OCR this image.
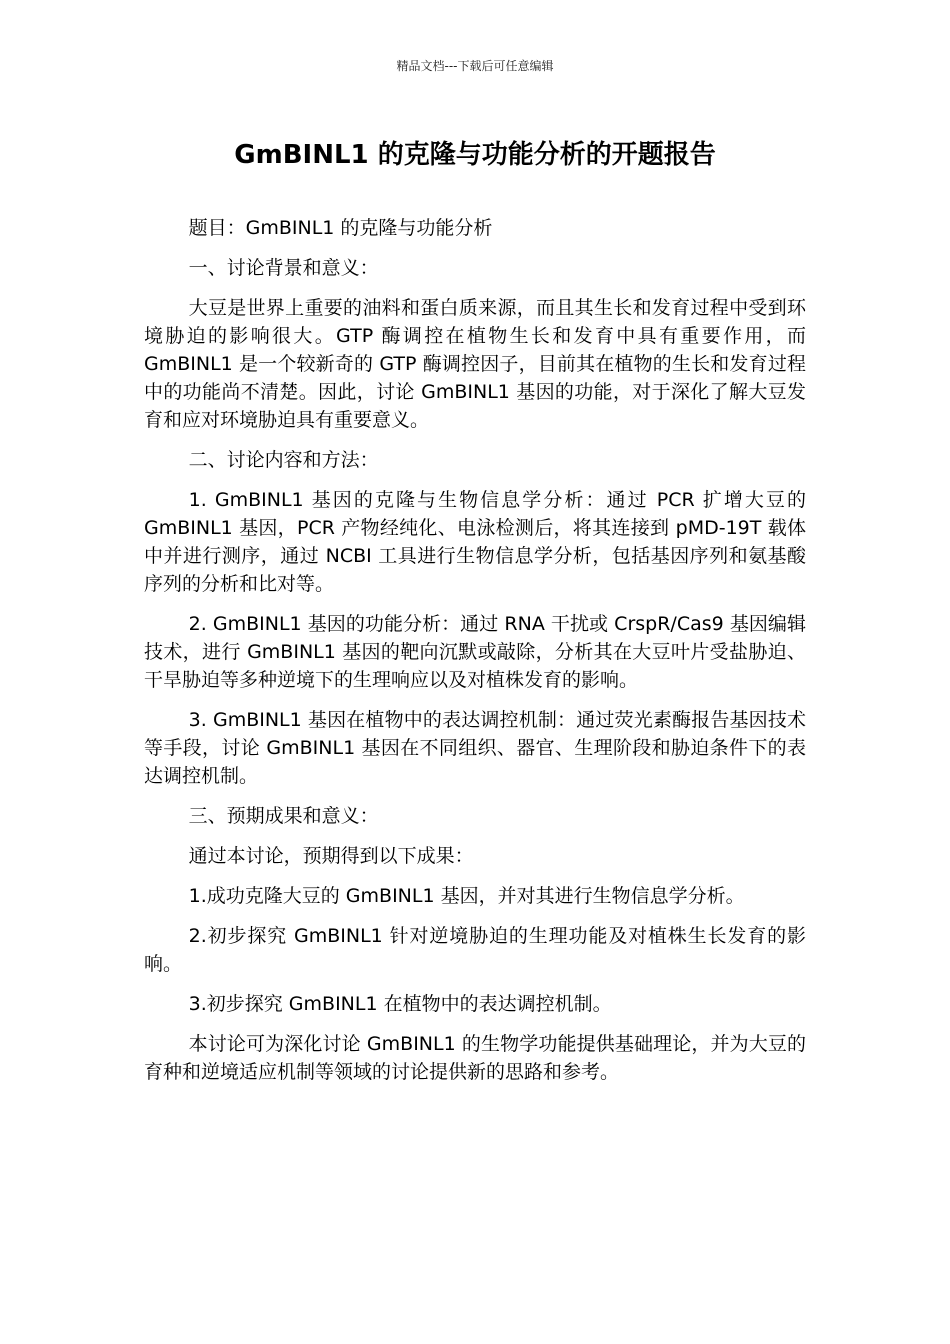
精品文档---下载后可任意编辑
GmBINL1 的克隆与功能分析的开题报告

题目：GmBINL1 的克隆与功能分析

一、讨论背景和意义：

大豆是世界上重要的油料和蛋白质来源，而且其生长和发育过程中受到环境胁迫的影响很大。GTP 酶调控在植物生长和发育中具有重要作用，而 GmBINL1 是一个较新奇的 GTP 酶调控因子，目前其在植物的生长和发育过程中的功能尚不清楚。因此，讨论 GmBINL1 基因的功能，对于深化了解大豆发育和应对环境胁迫具有重要意义。

二、讨论内容和方法：

1. GmBINL1 基因的克隆与生物信息学分析：通过 PCR 扩增大豆的 GmBINL1 基因，PCR 产物经纯化、电泳检测后，将其连接到 pMD-19T 载体中并进行测序，通过 NCBI 工具进行生物信息学分析，包括基因序列和氨基酸序列的分析和比对等。

2. GmBINL1 基因的功能分析：通过 RNA 干扰或 CrspR/Cas9 基因编辑技术，进行 GmBINL1 基因的靶向沉默或敲除，分析其在大豆叶片受盐胁迫、干旱胁迫等多种逆境下的生理响应以及对植株发育的影响。

3. GmBINL1 基因在植物中的表达调控机制：通过荧光素酶报告基因技术等手段，讨论 GmBINL1 基因在不同组织、器官、生理阶段和胁迫条件下的表达调控机制。

三、预期成果和意义：

通过本讨论，预期得到以下成果：

1.成功克隆大豆的 GmBINL1 基因，并对其进行生物信息学分析。

2.初步探究 GmBINL1 针对逆境胁迫的生理功能及对植株生长发育的影响。

3.初步探究 GmBINL1 在植物中的表达调控机制。

本讨论可为深化讨论 GmBINL1 的生物学功能提供基础理论，并为大豆的育种和逆境适应机制等领域的讨论提供新的思路和参考。
